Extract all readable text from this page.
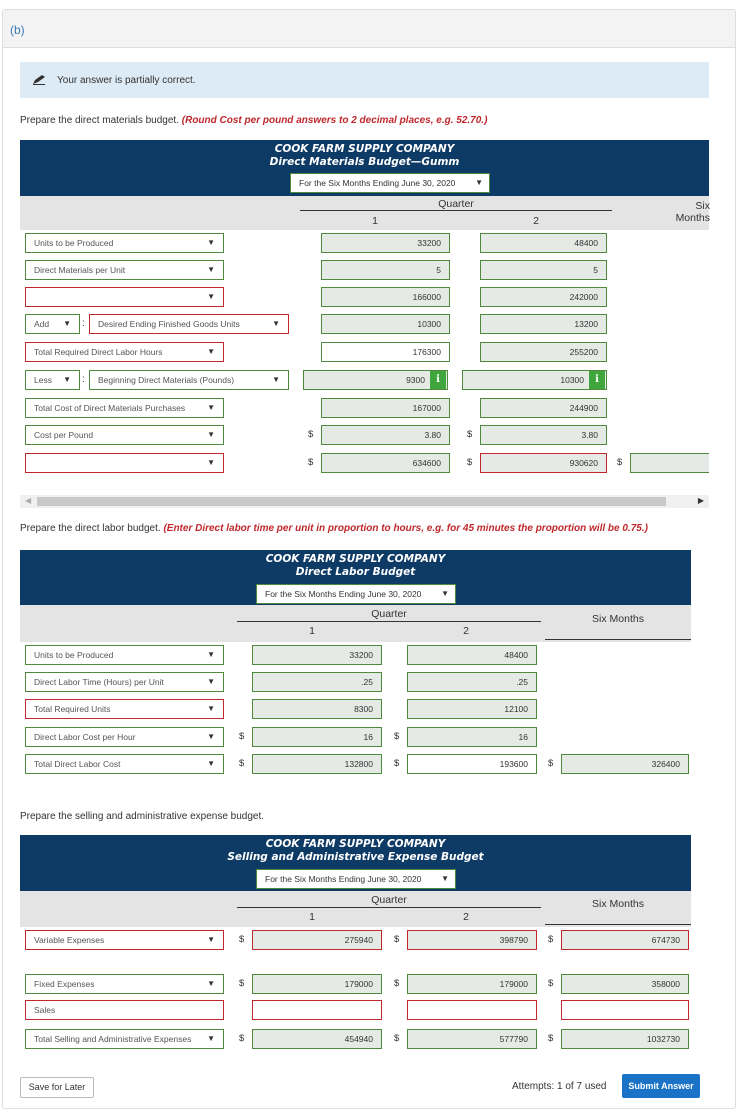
(b)
Your answer is partially correct.
Prepare the direct materials budget. (Round Cost per pound answers to 2 decimal places, e.g. 52.70.)
COOK FARM SUPPLY COMPANY
Direct Materials Budget—Gumm
For the Six Months Ending June 30, 2020 ▼
Quarter
1	2
Six Months
Units to be Produced	▼	33200	48400
Direct Materials per Unit	▼	5	5
▼	166000	242000
Add ▼ :	Desired Ending Finished Goods Units	▼	10300	13200
Total Required Direct Labor Hours	▼	176300	255200
Less ▼ :	Beginning Direct Materials (Pounds)	▼	9300	i	10300	i
Total Cost of Direct Materials Purchases	▼	167000	244900
Cost per Pound	▼	$	3.80	$	3.80
▼	$	634600	$	930620	$
◀	▶
Prepare the direct labor budget. (Enter Direct labor time per unit in proportion to hours, e.g. for 45 minutes the proportion will be 0.75.)
COOK FARM SUPPLY COMPANY
Direct Labor Budget
For the Six Months Ending June 30, 2020 ▼
Quarter
1	2
Six Months
Units to be Produced	▼	33200	48400
Direct Labor Time (Hours) per Unit	▼	.25	.25
Total Required Units	▼	8300	12100
Direct Labor Cost per Hour	▼	$	16	$	16
Total Direct Labor Cost	▼	$	132800	$	193600	$	326400
Prepare the selling and administrative expense budget.
COOK FARM SUPPLY COMPANY
Selling and Administrative Expense Budget
For the Six Months Ending June 30, 2020 ▼
Quarter
1	2
Six Months
Variable Expenses	▼	$	275940	$	398790	$	674730
Fixed Expenses	▼	$	179000	$	179000	$	358000
Sales
Total Selling and Administrative Expenses ▼	$	454940	$	577790	$	1032730
Save for Later	Attempts: 1 of 7 used	Submit Answer
